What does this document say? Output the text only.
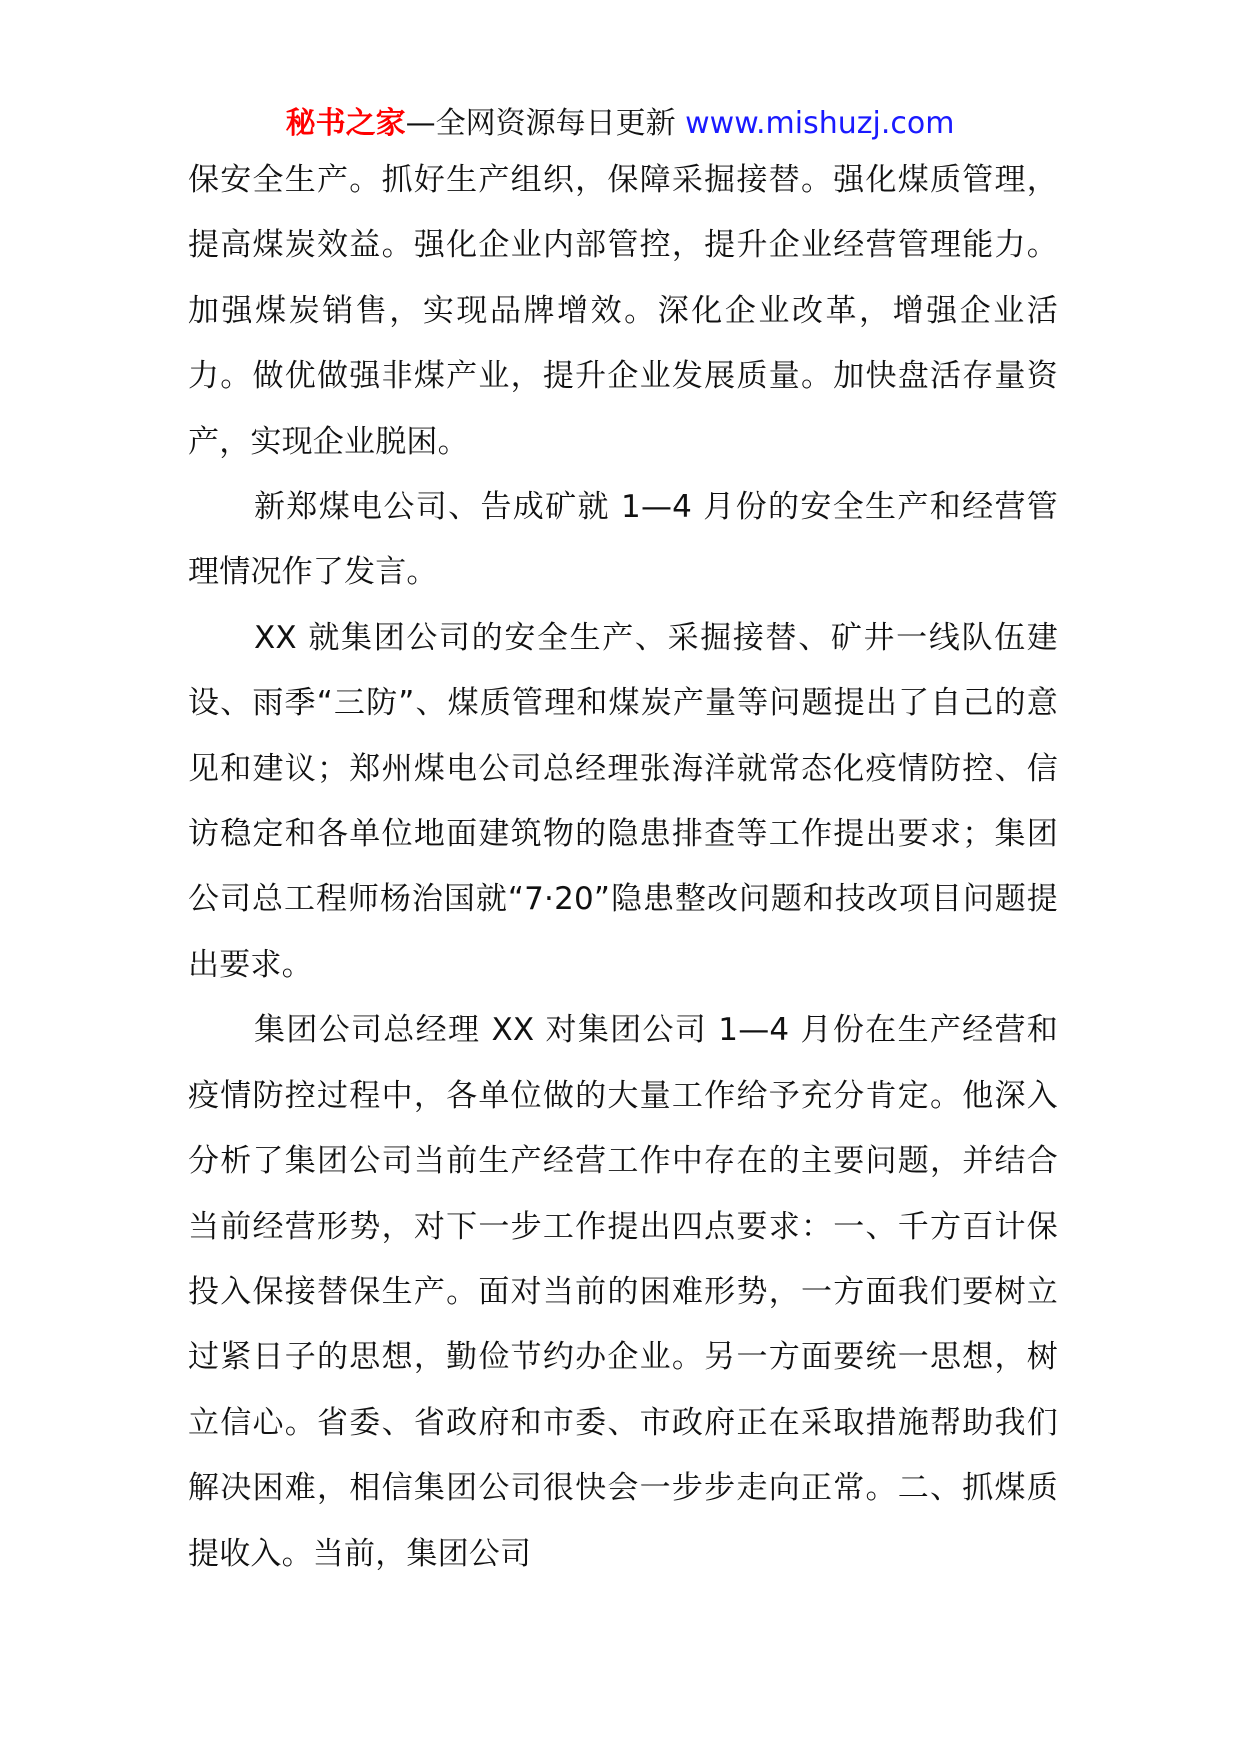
秘书之家—全网资源每日更新 www.mishuzj.com

保安全生产。抓好生产组织，保障采掘接替。强化煤质管理，提高煤炭效益。强化企业内部管控，提升企业经营管理能力。加强煤炭销售，实现品牌增效。深化企业改革，增强企业活力。做优做强非煤产业，提升企业发展质量。加快盘活存量资产，实现企业脱困。

新郑煤电公司、告成矿就 1—4 月份的安全生产和经营管理情况作了发言。

XX 就集团公司的安全生产、采掘接替、矿井一线队伍建设、雨季“三防”、煤质管理和煤炭产量等问题提出了自己的意见和建议；郑州煤电公司总经理张海洋就常态化疫情防控、信访稳定和各单位地面建筑物的隐患排查等工作提出要求；集团公司总工程师杨治国就“7·20”隐患整改问题和技改项目问题提出要求。

集团公司总经理 XX 对集团公司 1—4 月份在生产经营和疫情防控过程中，各单位做的大量工作给予充分肯定。他深入分析了集团公司当前生产经营工作中存在的主要问题，并结合当前经营形势，对下一步工作提出四点要求：一、千方百计保投入保接替保生产。面对当前的困难形势，一方面我们要树立过紧日子的思想，勤俭节约办企业。另一方面要统一思想，树立信心。省委、省政府和市委、市政府正在采取措施帮助我们解决困难，相信集团公司很快会一步步走向正常。二、抓煤质提收入。当前，集团公司
